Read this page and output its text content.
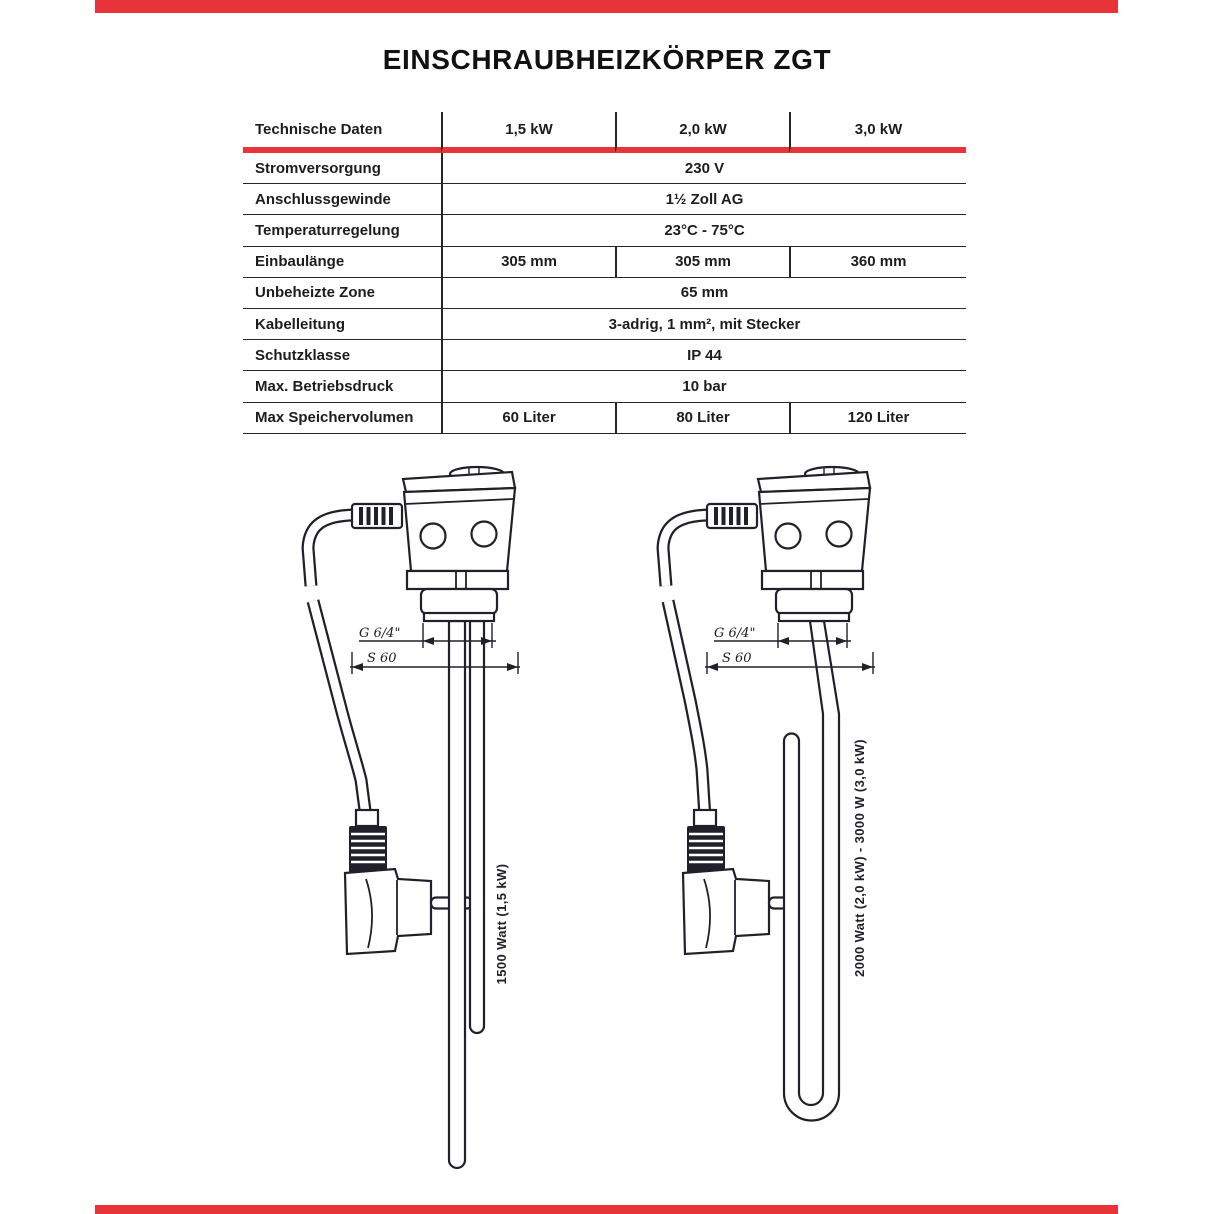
EINSCHRAUBHEIZKÖRPER ZGT
Technische Daten	1,5 kW	2,0 kW	3,0 kW
Stromversorgung	230 V
Anschlussgewinde	1½ Zoll AG
Temperaturregelung	23°C - 75°C
Einbaulänge	305 mm	305 mm	360 mm
Unbeheizte Zone	65 mm
Kabelleitung	3-adrig, 1 mm², mit Stecker
Schutzklasse	IP 44
Max. Betriebsdruck	10 bar
Max Speichervolumen	60 Liter	80 Liter	120 Liter
G 6/4"
S 60
1500 Watt (1,5 kW)
G 6/4"
S 60
2000 Watt (2,0 kW) - 3000 W (3,0 kW)
